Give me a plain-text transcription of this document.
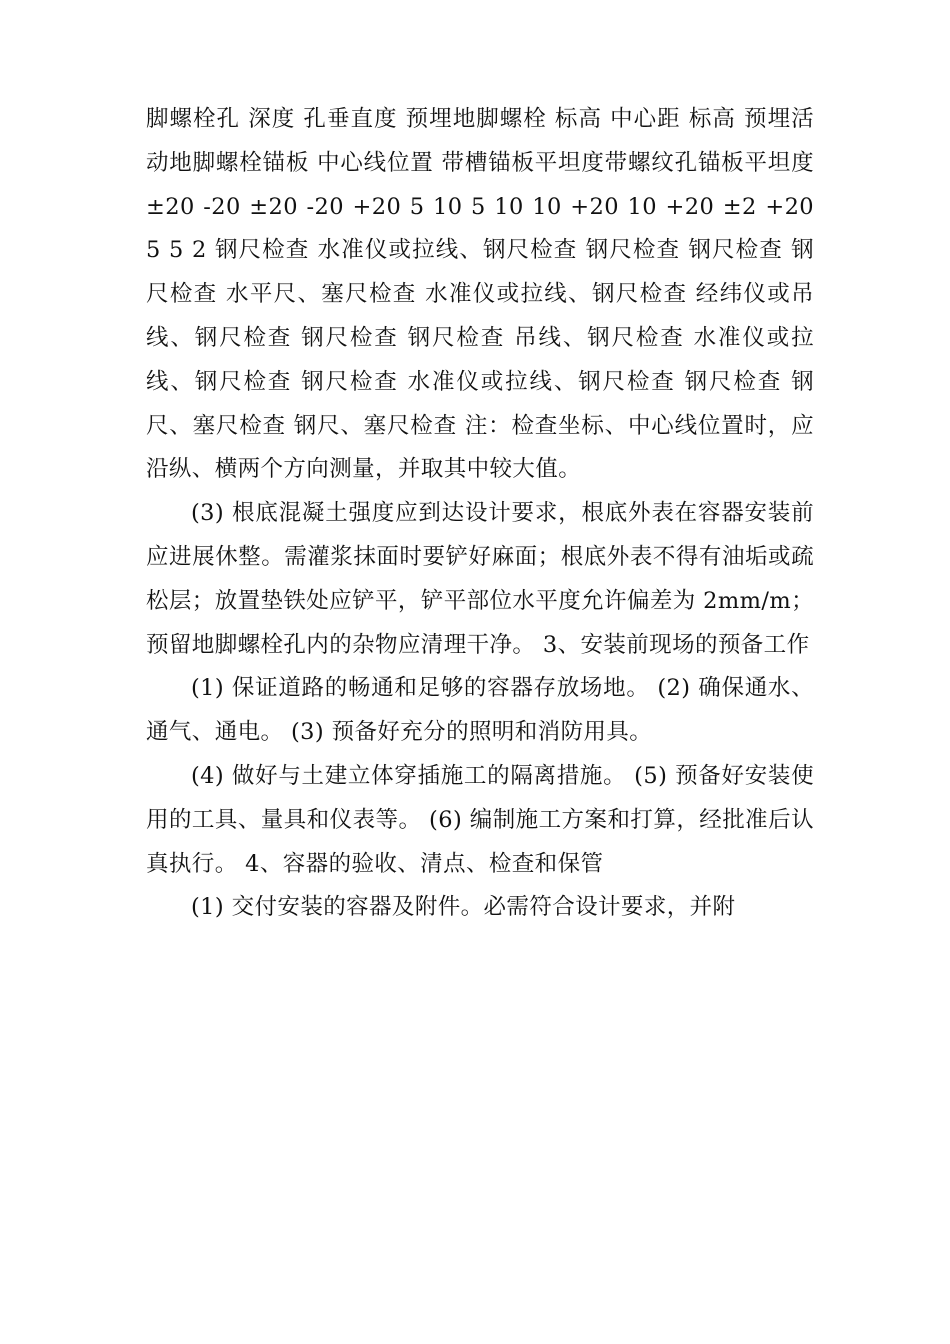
脚螺栓孔 深度 孔垂直度 预埋地脚螺栓 标高 中心距 标高 预埋活动地脚螺栓锚板 中心线位置 带槽锚板平坦度带螺纹孔锚板平坦度 ±20 -20 ±20 -20 +20 5 10 5 10 10 +20 10 +20 ±2 +20 5 5 2 钢尺检查 水准仪或拉线、钢尺检查 钢尺检查 钢尺检查 钢尺检查 水平尺、塞尺检查 水准仪或拉线、钢尺检查 经纬仪或吊线、钢尺检查 钢尺检查 钢尺检查 吊线、钢尺检查 水准仪或拉线、钢尺检查 钢尺检查 水准仪或拉线、钢尺检查 钢尺检查 钢尺、塞尺检查 钢尺、塞尺检查 注：检查坐标、中心线位置时，应沿纵、横两个方向测量，并取其中较大值。

(3) 根底混凝土强度应到达设计要求，根底外表在容器安装前应进展休整。需灌浆抹面时要铲好麻面；根底外表不得有油垢或疏松层；放置垫铁处应铲平，铲平部位水平度允许偏差为 2mm/m；预留地脚螺栓孔内的杂物应清理干净。 3、安装前现场的预备工作

(1) 保证道路的畅通和足够的容器存放场地。 (2) 确保通水、通气、通电。 (3) 预备好充分的照明和消防用具。

(4) 做好与土建立体穿插施工的隔离措施。 (5) 预备好安装使用的工具、量具和仪表等。 (6) 编制施工方案和打算，经批准后认真执行。 4、容器的验收、清点、检查和保管

(1) 交付安装的容器及附件。必需符合设计要求，并附
